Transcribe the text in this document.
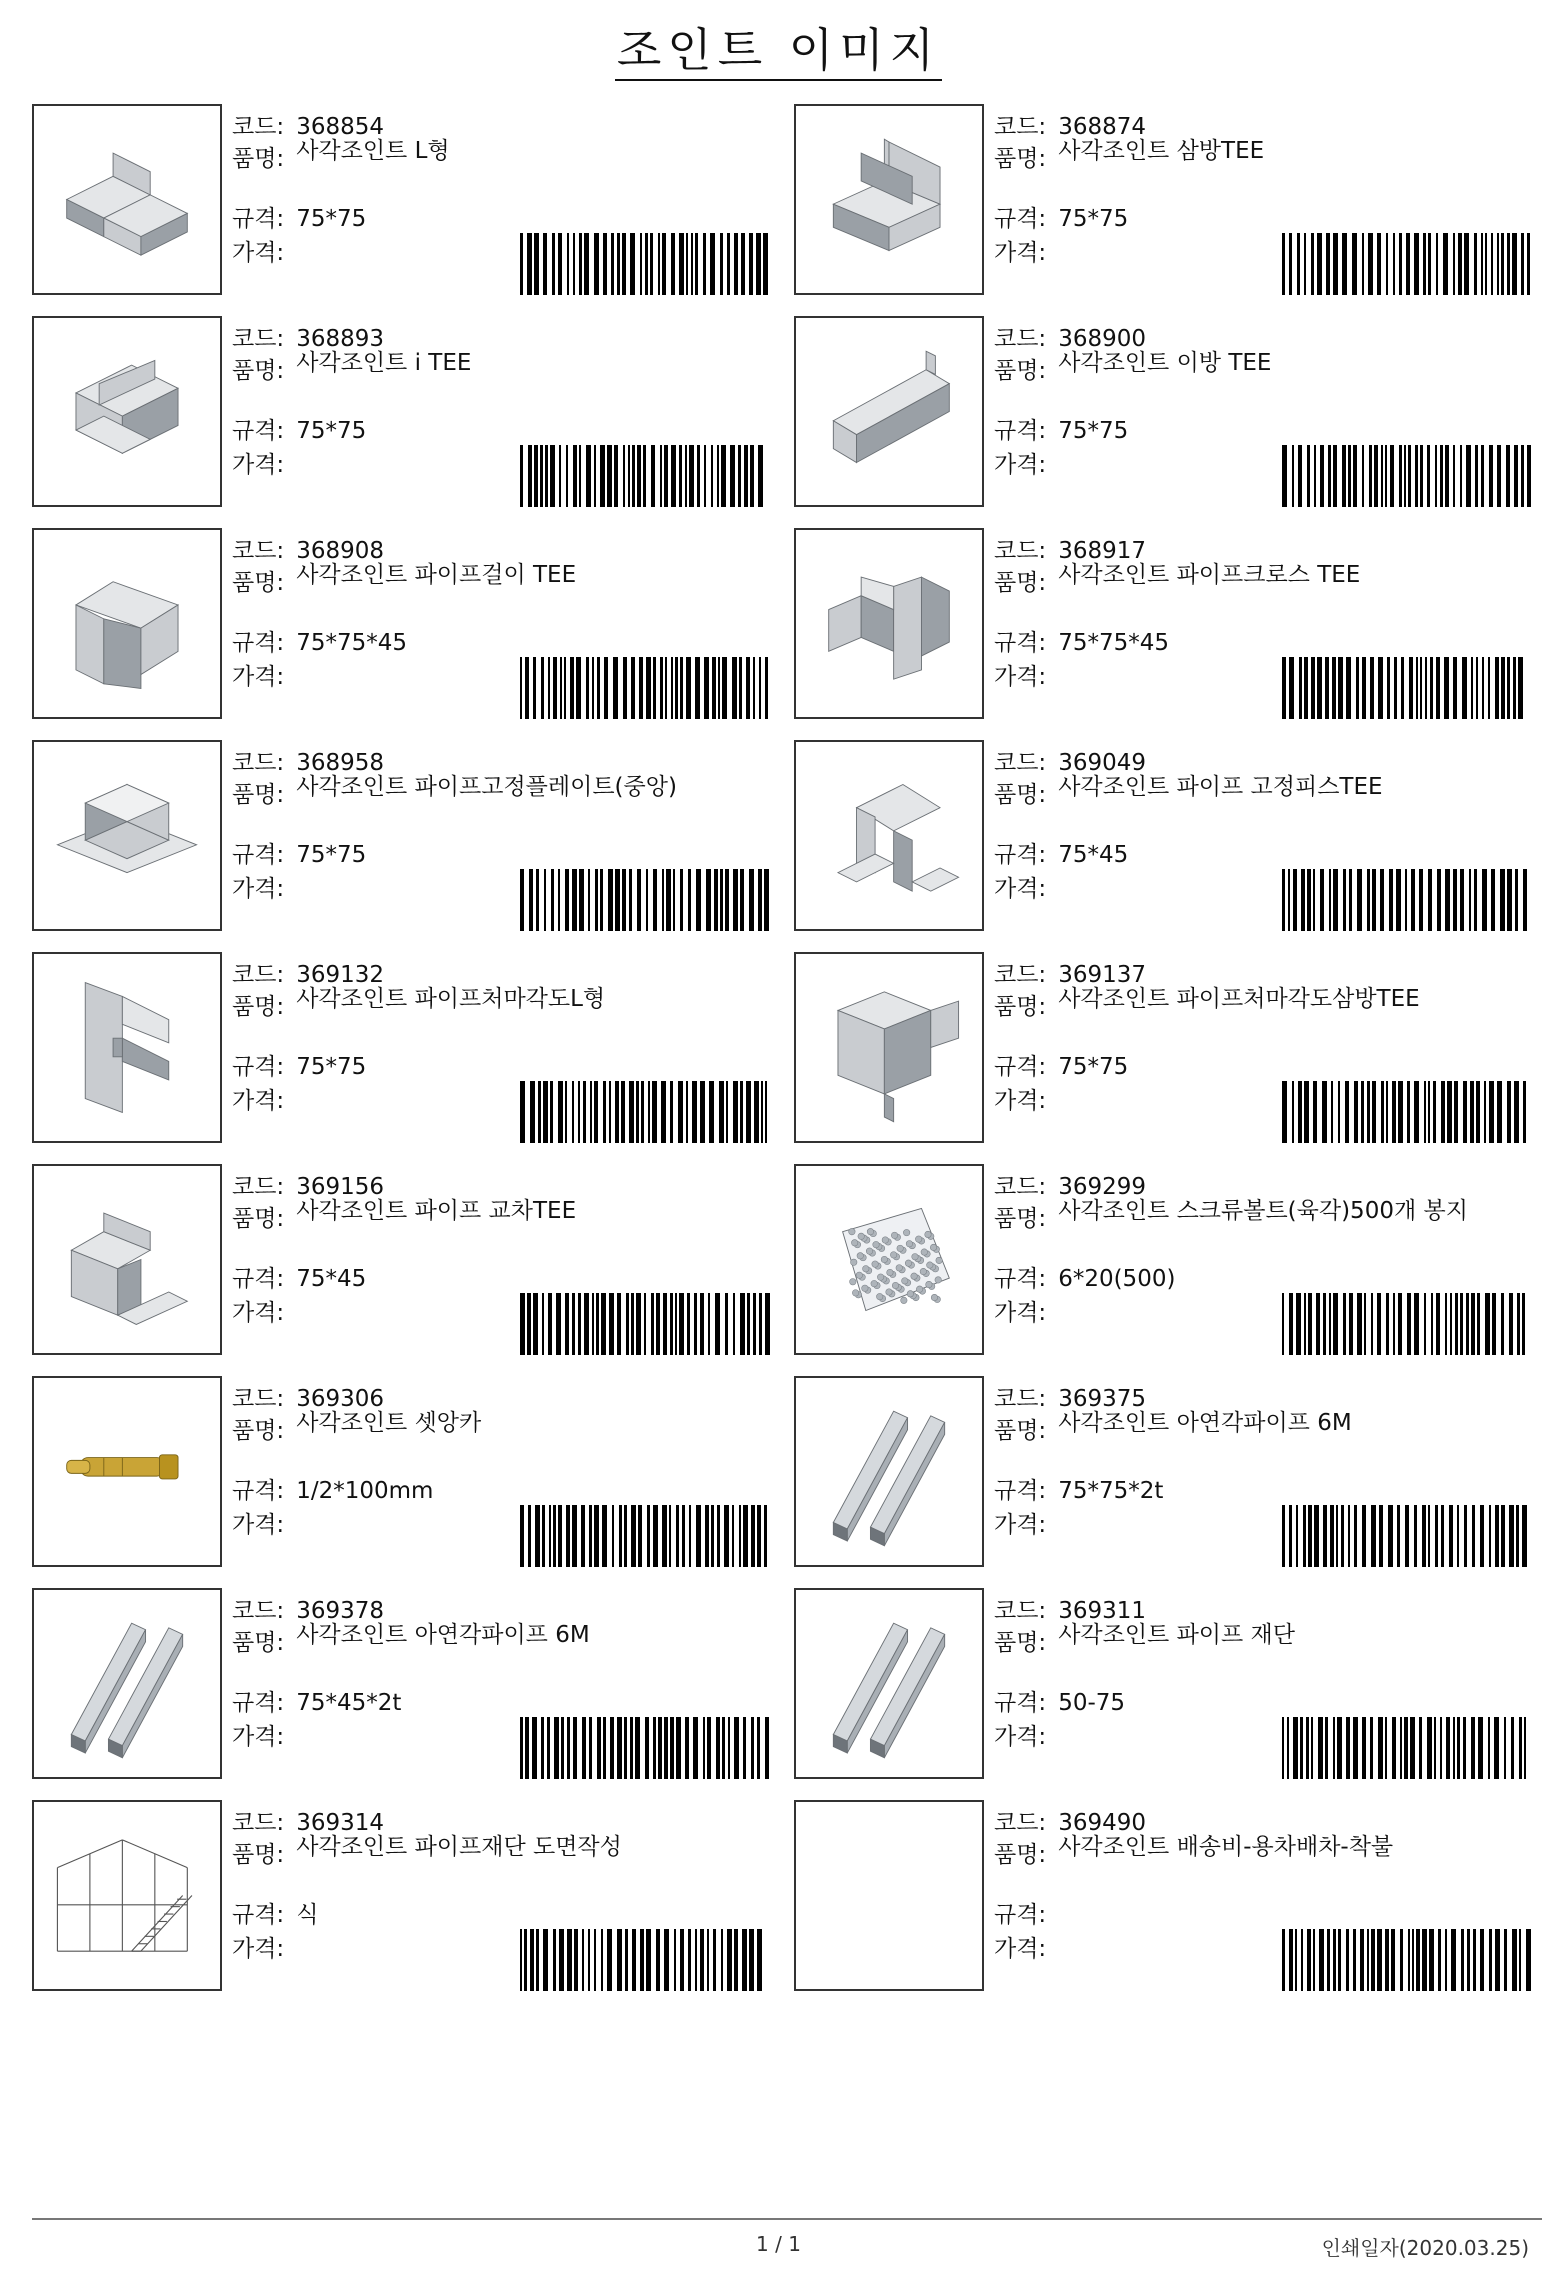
조인트 이미지
코드: 368854
품명: 사각조인트 L형
규격: 75*75
가격:
코드: 368874
품명: 사각조인트 삼방TEE
규격: 75*75
가격:
코드: 368893
품명: 사각조인트 i TEE
규격: 75*75
가격:
코드: 368900
품명: 사각조인트 이방 TEE
규격: 75*75
가격:
코드: 368908
품명: 사각조인트 파이프걸이 TEE
규격: 75*75*45
가격:
코드: 368917
품명: 사각조인트 파이프크로스 TEE
규격: 75*75*45
가격:
코드: 368958
품명: 사각조인트 파이프고정플레이트(중앙)
규격: 75*75
가격:
코드: 369049
품명: 사각조인트 파이프 고정피스TEE
규격: 75*45
가격:
코드: 369132
품명: 사각조인트 파이프처마각도L형
규격: 75*75
가격:
코드: 369137
품명: 사각조인트 파이프처마각도삼방TEE
규격: 75*75
가격:
코드: 369156
품명: 사각조인트 파이프 교차TEE
규격: 75*45
가격:
코드: 369299
품명: 사각조인트 스크류볼트(육각)500개 봉지
규격: 6*20(500)
가격:
코드: 369306
품명: 사각조인트 셋앙카
규격: 1/2*100mm
가격:
코드: 369375
품명: 사각조인트 아연각파이프 6M
규격: 75*75*2t
가격:
코드: 369378
품명: 사각조인트 아연각파이프 6M
규격: 75*45*2t
가격:
코드: 369311
품명: 사각조인트 파이프 재단
규격: 50-75
가격:
코드: 369314
품명: 사각조인트 파이프재단 도면작성
규격: 식
가격:
코드: 369490
품명: 사각조인트 배송비-용차배차-착불
규격:
가격:
1 / 1	인쇄일자(2020.03.25)
